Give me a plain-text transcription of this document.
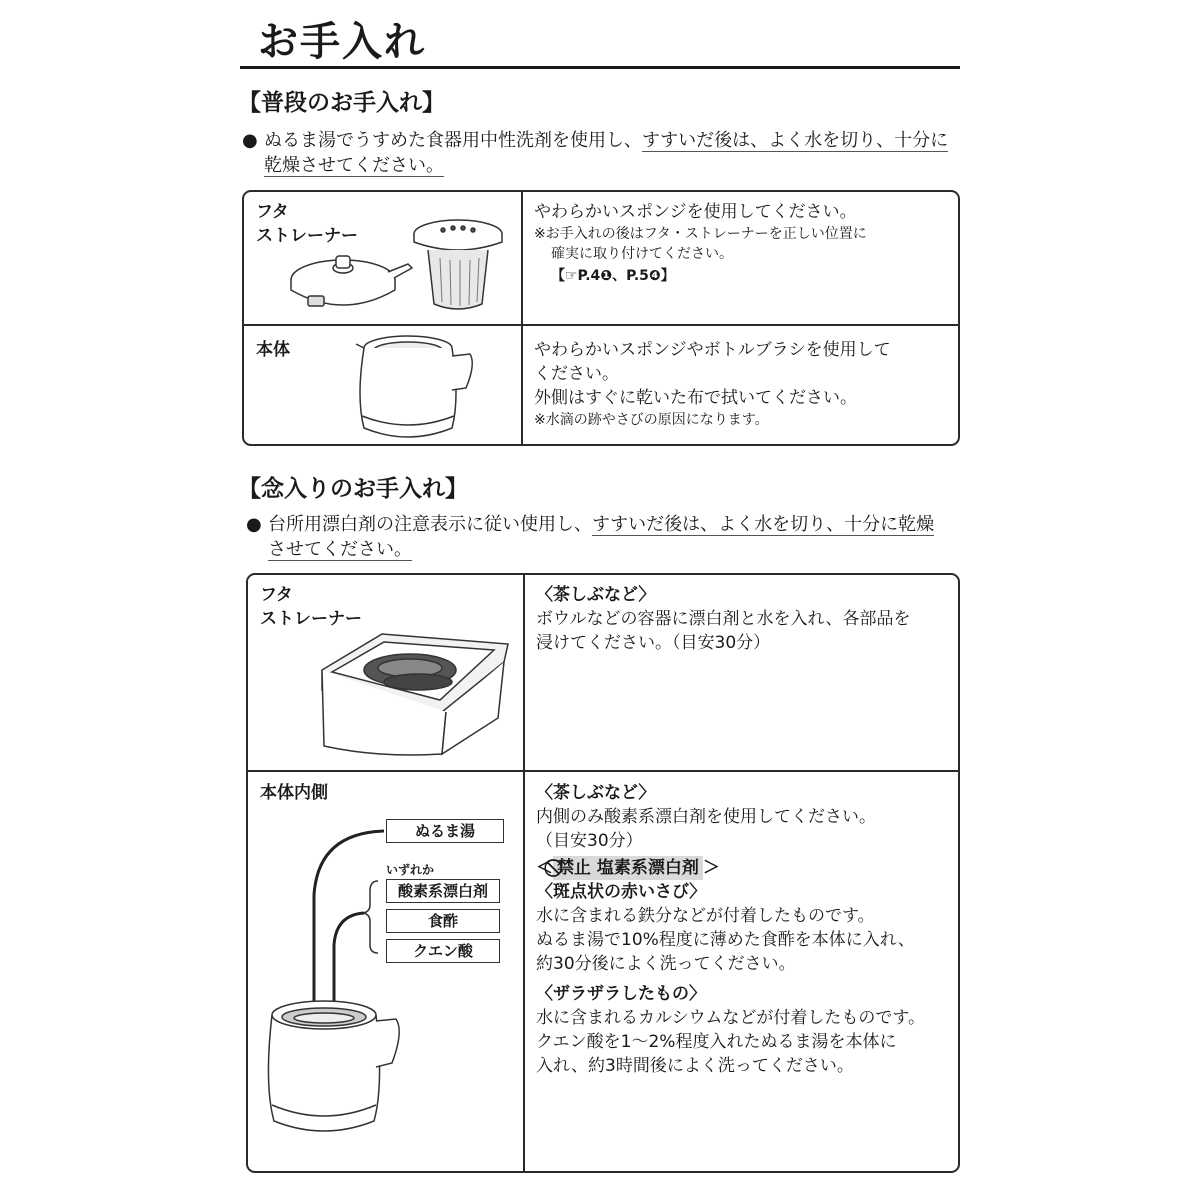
お手入れ
【普段のお手入れ】
● ぬるま湯でうすめた食器用中性洗剤を使用し、すすいだ後は、よく水を切り、十分に
乾燥させてください。
フタ
ストレーナー

やわらかいスポンジを使用してください。

※お手入れの後はフタ・ストレーナーを正しい位置に

確実に取り付けてください。

【☞P.4❶、P.5❹】

本体	やわらかいスポンジやボトルブラシを使用して

ください。

外側はすぐに乾いた布で拭いてください。

※水滴の跡やさびの原因になります。

【念入りのお手入れ】
● 台所用漂白剤の注意表示に従い使用し、すすいだ後は、よく水を切り、十分に乾燥
させてください。
フタ
ストレーナー

〈茶しぶなど〉

ボウルなどの容器に漂白剤と水を入れ、各部品を

浸けてください。（目安30分）

本体内側
ぬるま湯
いずれか
酸素系漂白剤
食酢
クエン酸

〈茶しぶなど〉

内側のみ酸素系漂白剤を使用してください。

（目安30分）

＜ 禁止 塩素系漂白剤 ＞

〈斑点状の赤いさび〉

水に含まれる鉄分などが付着したものです。

ぬるま湯で10%程度に薄めた食酢を本体に入れ、

約30分後によく洗ってください。

〈ザラザラしたもの〉

水に含まれるカルシウムなどが付着したものです。

クエン酸を1～2%程度入れたぬるま湯を本体に

入れ、約3時間後によく洗ってください。
